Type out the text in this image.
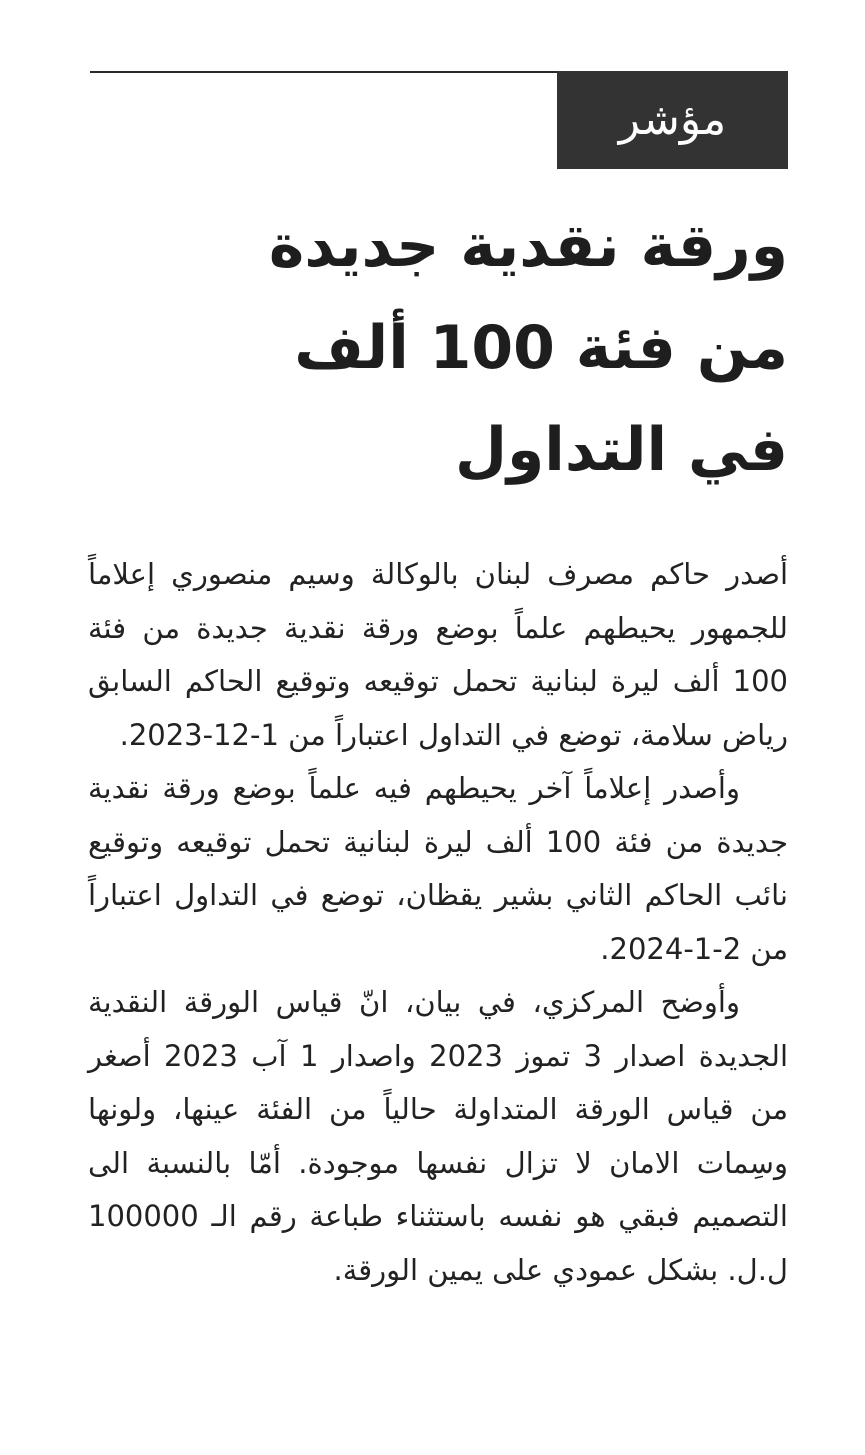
مؤشر
ورقة نقدية جديدة
من فئة 100 ألف
في التداول

أصدر حاكم مصرف لبنان بالوكالة وسيم منصوري إعلاماً للجمهور يحيطهم علماً بوضع ورقة نقدية جديدة من فئة 100 ألف ليرة لبنانية تحمل توقيعه وتوقيع الحاكم السابق رياض سلامة، توضع في التداول اعتباراً من 1-12-2023.

وأصدر إعلاماً آخر يحيطهم فيه علماً بوضع ورقة نقدية جديدة من فئة 100 ألف ليرة لبنانية تحمل توقيعه وتوقيع نائب الحاكم الثاني بشير يقظان، توضع في التداول اعتباراً من 2-1-2024.

وأوضح المركزي، في بيان، انّ قياس الورقة النقدية الجديدة اصدار 3 تموز 2023 واصدار 1 آب 2023 أصغر من قياس الورقة المتداولة حالياً من الفئة عينها، ولونها وسِمات الامان لا تزال نفسها موجودة. أمّا بالنسبة الى التصميم فبقي هو نفسه باستثناء طباعة رقم الـ 100000 ل.ل. بشكل عمودي على يمين الورقة.
